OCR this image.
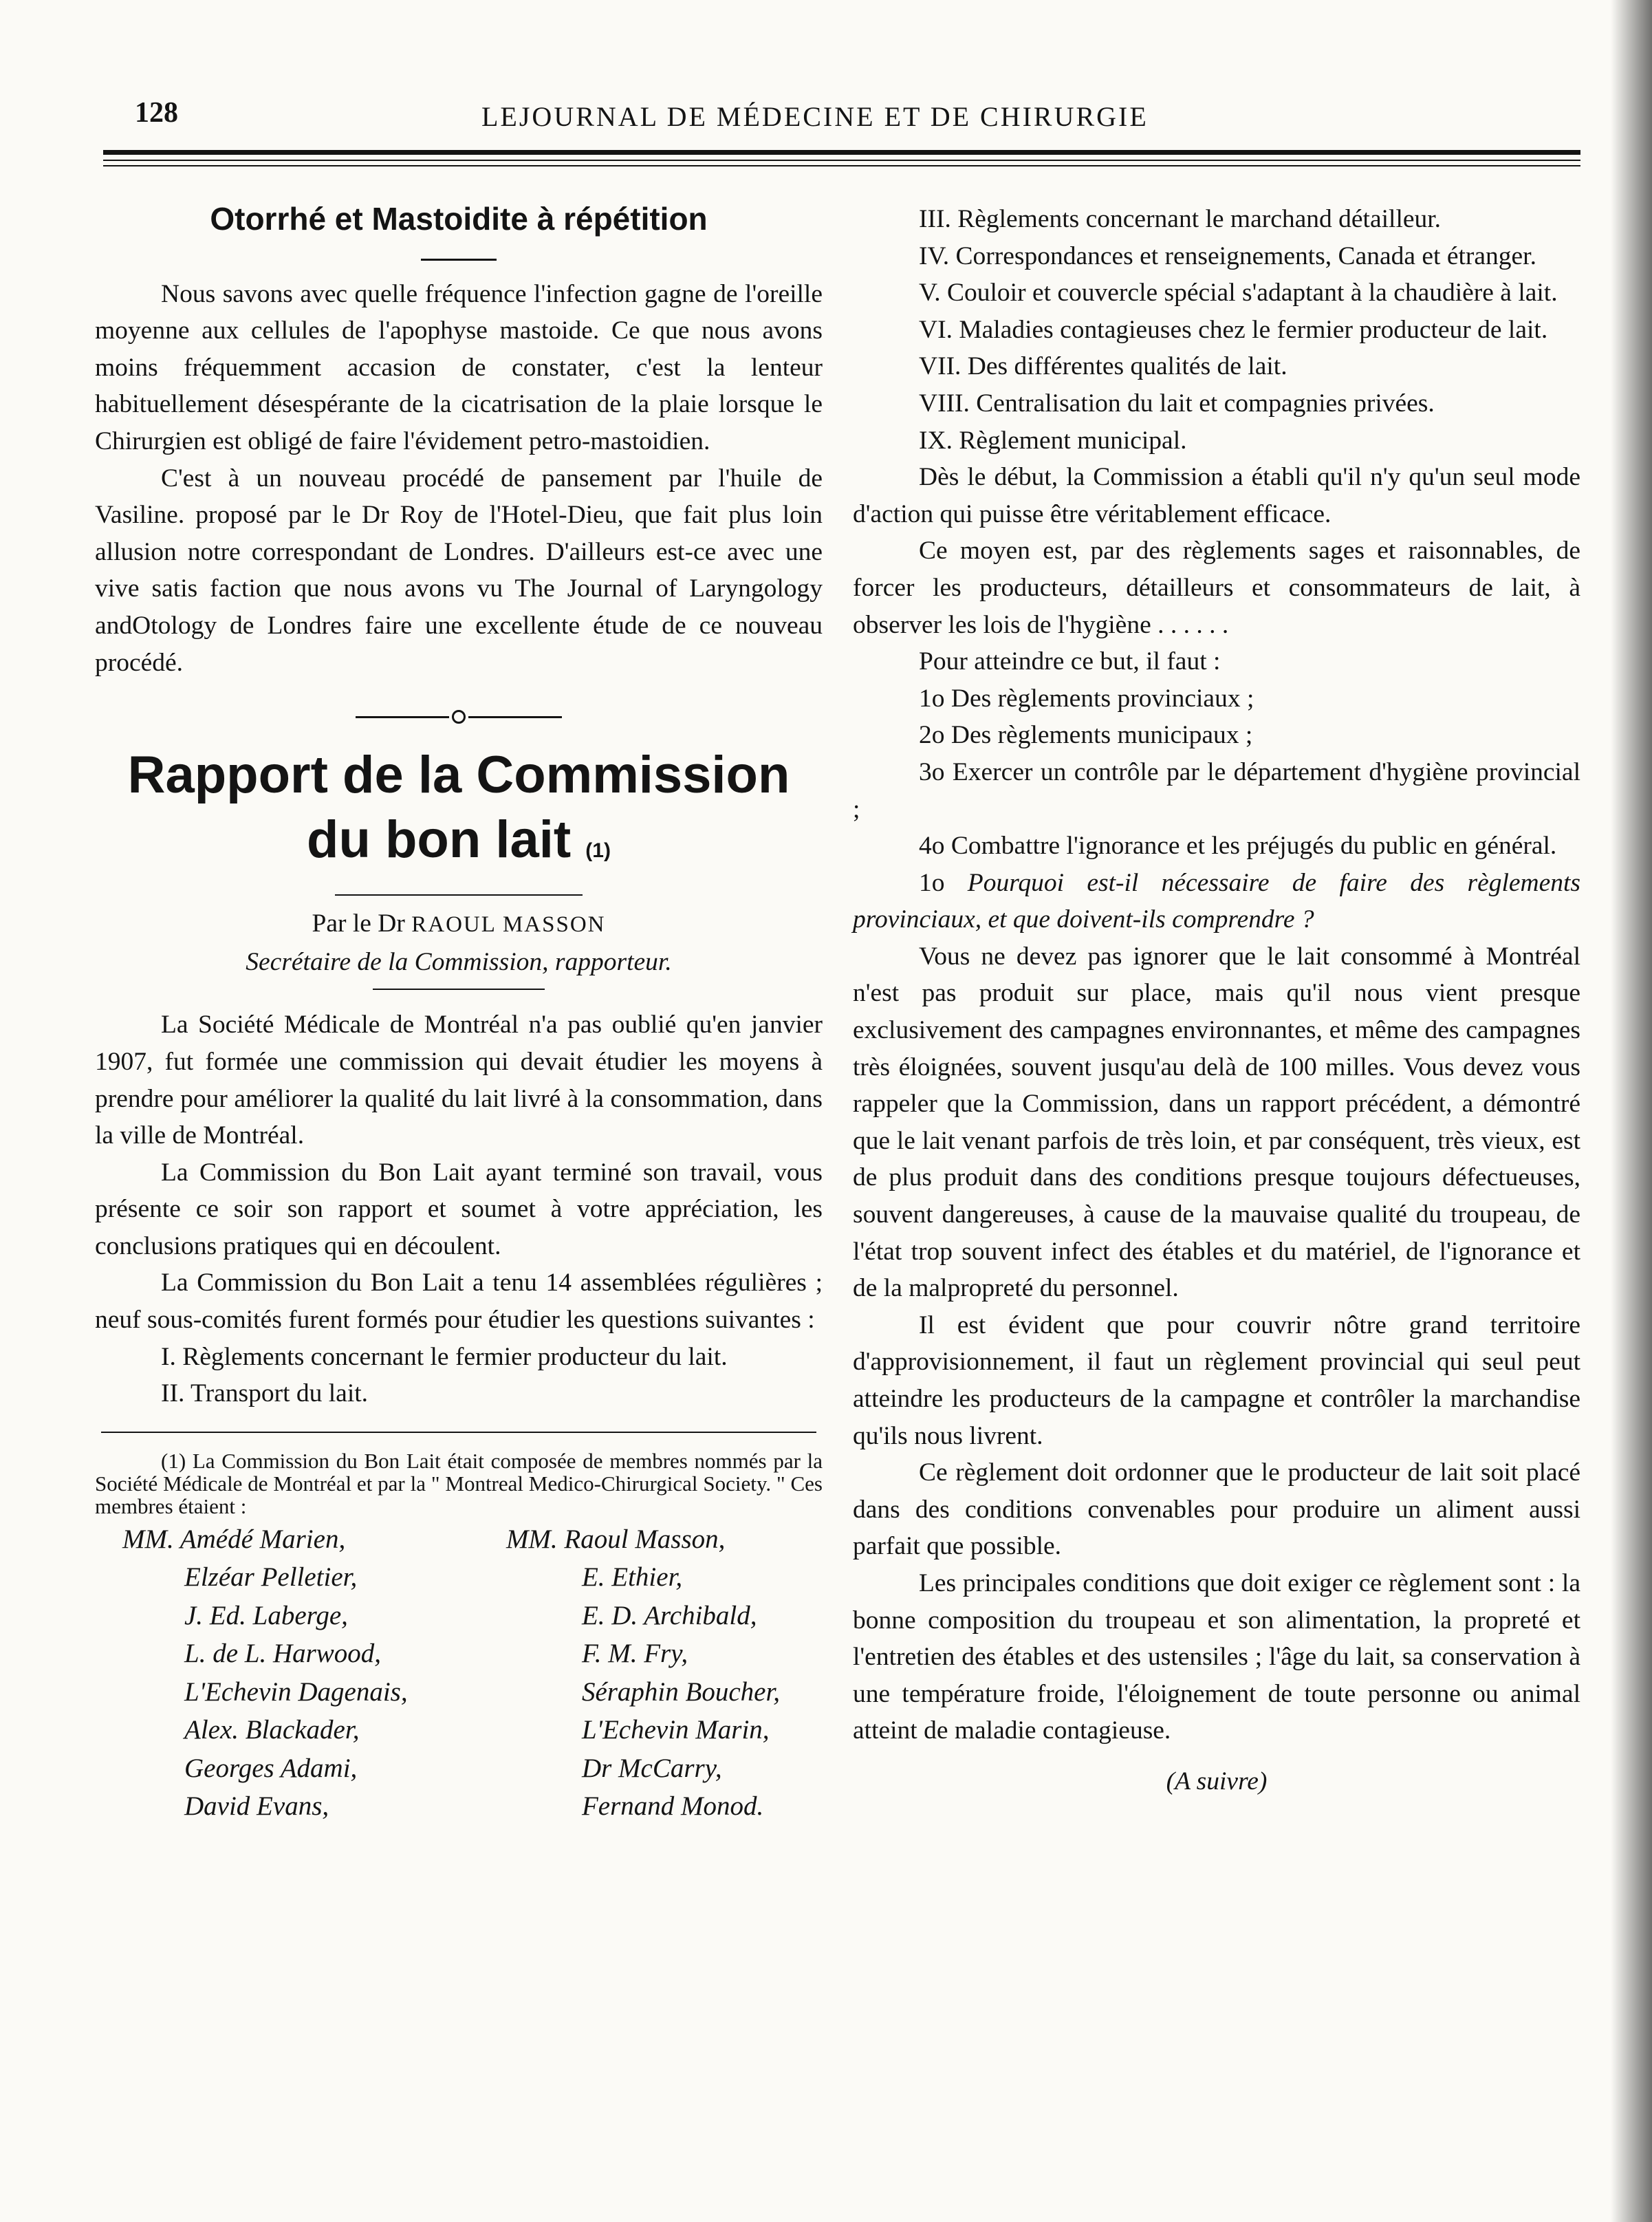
128	LEJOURNAL DE MÉDECINE ET DE CHIRURGIE

Otorrhé et Mastoidite à répétition

Nous savons avec quelle fréquence l'infection gagne de l'oreille moyenne aux cellules de l'apophyse mastoide. Ce que nous avons moins fréquemment accasion de constater, c'est la lenteur habituellement désespérante de la cicatrisation de la plaie lorsque le Chirurgien est obligé de faire l'évidement petro-mastoidien.

C'est à un nouveau procédé de pansement par l'huile de Vasiline. proposé par le Dr Roy de l'Hotel-Dieu, que fait plus loin allusion notre correspondant de Londres. D'ailleurs est-ce avec une vive satis faction que nous avons vu The Journal of Laryngology andOtology de Londres faire une excellente étude de ce nouveau procédé.

Rapport de la Commission
du bon lait (1)

Par le Dr RAOUL MASSON

Secrétaire de la Commission, rapporteur.

La Société Médicale de Montréal n'a pas oublié qu'en janvier 1907, fut formée une commission qui devait étudier les moyens à prendre pour améliorer la qualité du lait livré à la consommation, dans la ville de Montréal.

La Commission du Bon Lait ayant terminé son travail, vous présente ce soir son rapport et soumet à votre appréciation, les conclusions pratiques qui en découlent.

La Commission du Bon Lait a tenu 14 assemblées régulières ; neuf sous-comités furent formés pour étudier les questions suivantes :

I. Règlements concernant le fermier producteur du lait.

II. Transport du lait.

(1) La Commission du Bon Lait était composée de membres nommés par la Société Médicale de Montréal et par la " Montreal Medico-Chirurgical Society. " Ces membres étaient :

MM. Amédé Marien,
Elzéar Pelletier,
J. Ed. Laberge,
L. de L. Harwood,
L'Echevin Dagenais,
Alex. Blackader,
Georges Adami,
David Evans,
MM. Raoul Masson,
E. Ethier,
E. D. Archibald,
F. M. Fry,
Séraphin Boucher,
L'Echevin Marin,
Dr McCarry,
Fernand Monod.

III. Règlements concernant le marchand détailleur.

IV. Correspondances et renseignements, Canada et étranger.

V. Couloir et couvercle spécial s'adaptant à la chaudière à lait.

VI. Maladies contagieuses chez le fermier producteur de lait.

VII. Des différentes qualités de lait.

VIII. Centralisation du lait et compagnies privées.

IX. Règlement municipal.

Dès le début, la Commission a établi qu'il n'y qu'un seul mode d'action qui puisse être véritablement efficace.

Ce moyen est, par des règlements sages et raisonnables, de forcer les producteurs, détailleurs et consommateurs de lait, à observer les lois de l'hygiène . . . . . .

Pour atteindre ce but, il faut :

1o Des règlements provinciaux ;

2o Des règlements municipaux ;

3o Exercer un contrôle par le département d'hygiène provincial ;

4o Combattre l'ignorance et les préjugés du public en général.

1o Pourquoi est-il nécessaire de faire des règlements provinciaux, et que doivent-ils comprendre ?

Vous ne devez pas ignorer que le lait consommé à Montréal n'est pas produit sur place, mais qu'il nous vient presque exclusivement des campagnes environnantes, et même des campagnes très éloignées, souvent jusqu'au delà de 100 milles. Vous devez vous rappeler que la Commission, dans un rapport précédent, a démontré que le lait venant parfois de très loin, et par conséquent, très vieux, est de plus produit dans des conditions presque toujours défectueuses, souvent dangereuses, à cause de la mauvaise qualité du troupeau, de l'état trop souvent infect des étables et du matériel, de l'ignorance et de la malpropreté du personnel.

Il est évident que pour couvrir nôtre grand territoire d'approvisionnement, il faut un règlement provincial qui seul peut atteindre les producteurs de la campagne et contrôler la marchandise qu'ils nous livrent.

Ce règlement doit ordonner que le producteur de lait soit placé dans des conditions convenables pour produire un aliment aussi parfait que possible.

Les principales conditions que doit exiger ce règlement sont : la bonne composition du troupeau et son alimentation, la propreté et l'entretien des étables et des ustensiles ; l'âge du lait, sa conservation à une température froide, l'éloignement de toute personne ou animal atteint de maladie contagieuse.

(A suivre)
